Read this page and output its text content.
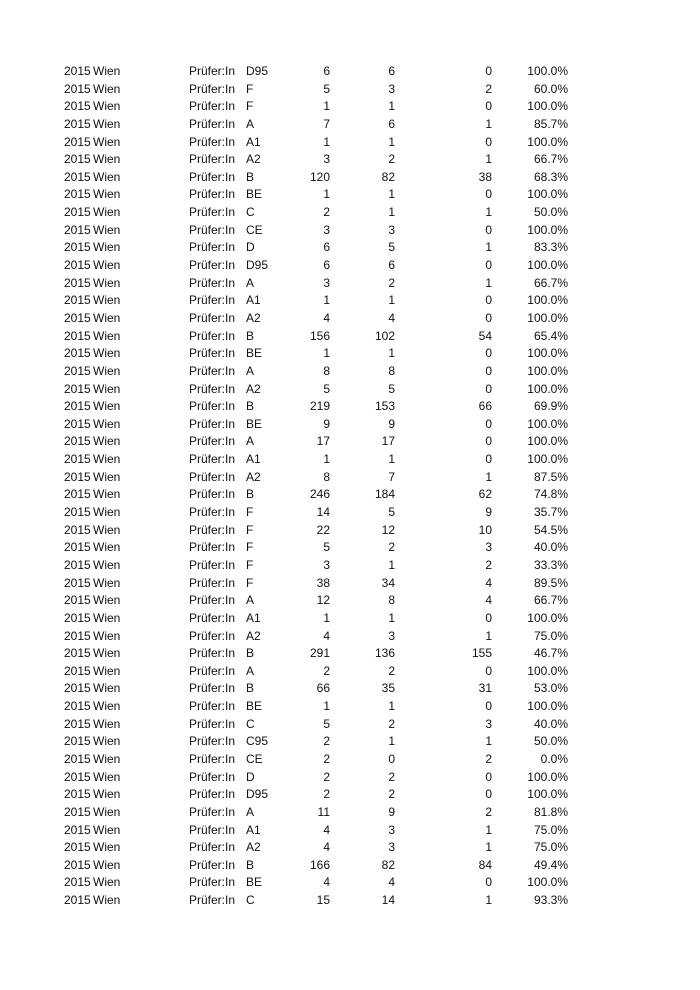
2015 Wien	Prüfer:In D95	6	6	0	100.0%
2015 Wien	Prüfer:In F	5	3	2	60.0%
2015 Wien	Prüfer:In F	1	1	0	100.0%
2015 Wien	Prüfer:In A	7	6	1	85.7%
2015 Wien	Prüfer:In A1	1	1	0	100.0%
2015 Wien	Prüfer:In A2	3	2	1	66.7%
2015 Wien	Prüfer:In B	120	82	38	68.3%
2015 Wien	Prüfer:In BE	1	1	0	100.0%
2015 Wien	Prüfer:In C	2	1	1	50.0%
2015 Wien	Prüfer:In CE	3	3	0	100.0%
2015 Wien	Prüfer:In D	6	5	1	83.3%
2015 Wien	Prüfer:In D95	6	6	0	100.0%
2015 Wien	Prüfer:In A	3	2	1	66.7%
2015 Wien	Prüfer:In A1	1	1	0	100.0%
2015 Wien	Prüfer:In A2	4	4	0	100.0%
2015 Wien	Prüfer:In B	156	102	54	65.4%
2015 Wien	Prüfer:In BE	1	1	0	100.0%
2015 Wien	Prüfer:In A	8	8	0	100.0%
2015 Wien	Prüfer:In A2	5	5	0	100.0%
2015 Wien	Prüfer:In B	219	153	66	69.9%
2015 Wien	Prüfer:In BE	9	9	0	100.0%
2015 Wien	Prüfer:In A	17	17	0	100.0%
2015 Wien	Prüfer:In A1	1	1	0	100.0%
2015 Wien	Prüfer:In A2	8	7	1	87.5%
2015 Wien	Prüfer:In B	246	184	62	74.8%
2015 Wien	Prüfer:In F	14	5	9	35.7%
2015 Wien	Prüfer:In F	22	12	10	54.5%
2015 Wien	Prüfer:In F	5	2	3	40.0%
2015 Wien	Prüfer:In F	3	1	2	33.3%
2015 Wien	Prüfer:In F	38	34	4	89.5%
2015 Wien	Prüfer:In A	12	8	4	66.7%
2015 Wien	Prüfer:In A1	1	1	0	100.0%
2015 Wien	Prüfer:In A2	4	3	1	75.0%
2015 Wien	Prüfer:In B	291	136	155	46.7%
2015 Wien	Prüfer:In A	2	2	0	100.0%
2015 Wien	Prüfer:In B	66	35	31	53.0%
2015 Wien	Prüfer:In BE	1	1	0	100.0%
2015 Wien	Prüfer:In C	5	2	3	40.0%
2015 Wien	Prüfer:In C95	2	1	1	50.0%
2015 Wien	Prüfer:In CE	2	0	2	0.0%
2015 Wien	Prüfer:In D	2	2	0	100.0%
2015 Wien	Prüfer:In D95	2	2	0	100.0%
2015 Wien	Prüfer:In A	11	9	2	81.8%
2015 Wien	Prüfer:In A1	4	3	1	75.0%
2015 Wien	Prüfer:In A2	4	3	1	75.0%
2015 Wien	Prüfer:In B	166	82	84	49.4%
2015 Wien	Prüfer:In BE	4	4	0	100.0%
2015 Wien	Prüfer:In C	15	14	1	93.3%
